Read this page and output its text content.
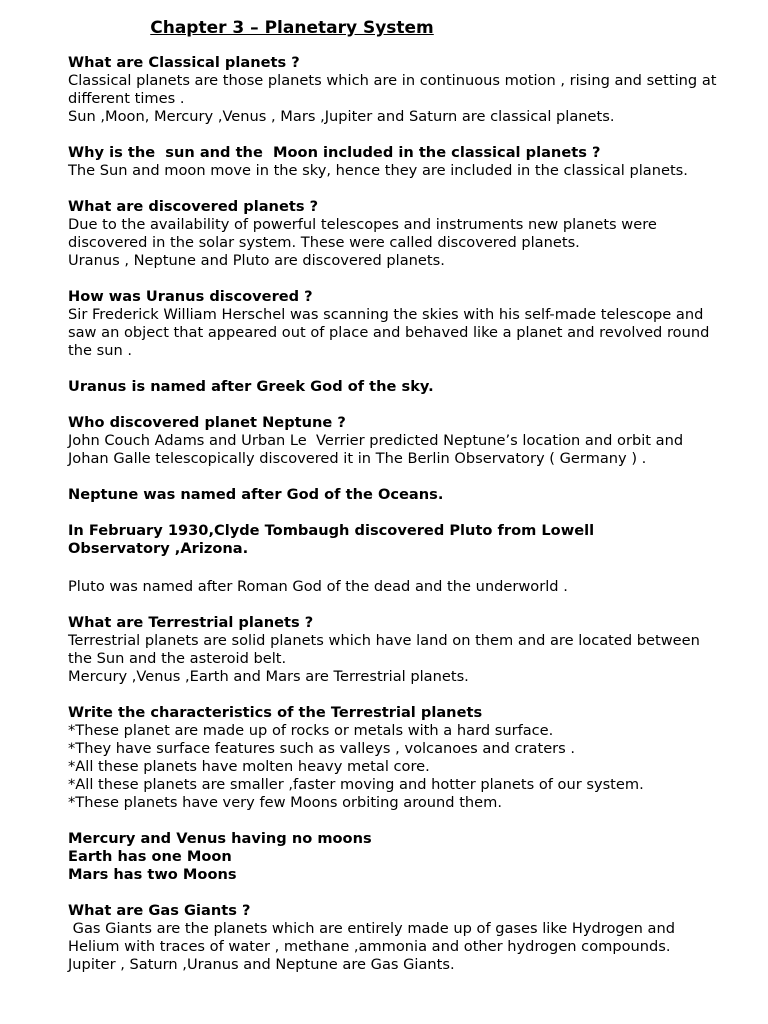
Chapter 3 – Planetary System
What are Classical planets ?
Classical planets are those planets which are in continuous motion , rising and setting at
different times .
Sun ,Moon, Mercury ,Venus , Mars ,Jupiter and Saturn are classical planets.
Why is the  sun and the  Moon included in the classical planets ?
The Sun and moon move in the sky, hence they are included in the classical planets.
What are discovered planets ?
Due to the availability of powerful telescopes and instruments new planets were
discovered in the solar system. These were called discovered planets.
Uranus , Neptune and Pluto are discovered planets.
How was Uranus discovered ?
Sir Frederick William Herschel was scanning the skies with his self-made telescope and
saw an object that appeared out of place and behaved like a planet and revolved round
the sun .
Uranus is named after Greek God of the sky.
Who discovered planet Neptune ?
John Couch Adams and Urban Le  Verrier predicted Neptune’s location and orbit and
Johan Galle telescopically discovered it in The Berlin Observatory ( Germany ) .
Neptune was named after God of the Oceans.
In February 1930,Clyde Tombaugh discovered Pluto from Lowell
Observatory ,Arizona.
Pluto was named after Roman God of the dead and the underworld .
What are Terrestrial planets ?
Terrestrial planets are solid planets which have land on them and are located between
the Sun and the asteroid belt.
Mercury ,Venus ,Earth and Mars are Terrestrial planets.
Write the characteristics of the Terrestrial planets
*These planet are made up of rocks or metals with a hard surface.
*They have surface features such as valleys , volcanoes and craters .
*All these planets have molten heavy metal core.
*All these planets are smaller ,faster moving and hotter planets of our system.
*These planets have very few Moons orbiting around them.
Mercury and Venus having no moons
Earth has one Moon
Mars has two Moons
What are Gas Giants ?
Gas Giants are the planets which are entirely made up of gases like Hydrogen and
Helium with traces of water , methane ,ammonia and other hydrogen compounds.
Jupiter , Saturn ,Uranus and Neptune are Gas Giants.
